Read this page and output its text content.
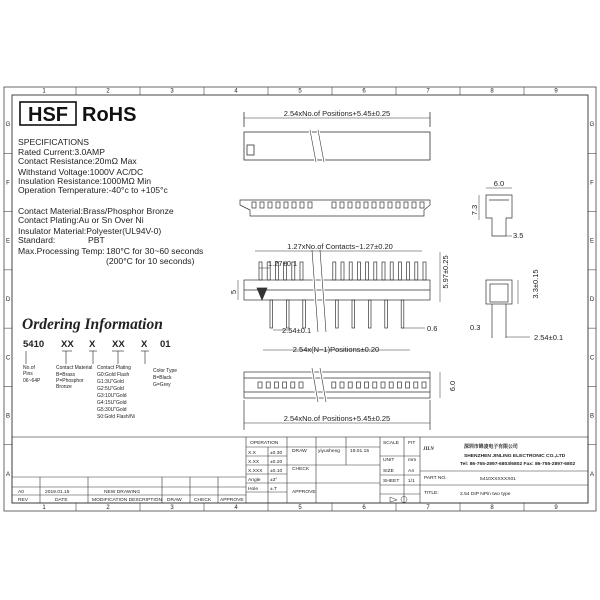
1
1
2
2
3
3
4
4
5
5
6
6
7
7
8
8
9
9
G	G
F	F
E	E
D	D
C	C
B	B
A	A
HSF RoHS
SPECIFICATIONS
Rated Current:3.0AMP
Contact Resistance:20mΩ Max
Withstand Voltage:1000V AC/DC
Insulation Resistance:1000MΩ Min
Operation Temperature:-40°c to +105°c
Contact Material:Brass/Phosphor Bronze
Contact Plating:Au or Sn Over Ni
Insulator Material:Polyester(UL94V-0)
Standard:	PBT
Max.Processing Temp: 180°C for 30~60 seconds
(200°C for 10 seconds)
Ordering Information
5410 XX X XX X 01
No.of
Pins
06~64P
Contact Material
B=Brass
P=Phosphor
Bronze
Contact Plating
G0:Gold Flash
G1:3U"Gold
G2:5U"Gold
G3:10U"Gold
G4:15U"Gold
G5:30U"Gold
S0:Gold Flash/Ni
Color Type
B=Black
G=Grey
2.54xNo.of Positions+5.45±0.25
1.27xNo.of Contacts−1.27±0.20
1.27±0.1
2.54±0.1	0.6
2.54x(N−1)Positions±0.20
5.97±0.25
5
2.54xNo.of Positions+5.45±0.25
6.0
6.0
7.3
3.5
3.3±0.15
0.3
2.54±0.1
OPERATION
X.X	±0.30
X.XX ±0.20
X.XXX ±0.10
Angle ±3°
Hole ±.T
DRAW yiyusheng 19.01.15
CHECK
APPROVE
SCALE FIT
UNIT	mm
SIZE	A4
SHEET 1/1
JILN	深圳市锦凌电子有限公司
SHENZHEN JINLING ELECTRONIC CO.,LTD
Tel: 86-755-2897-6803/6802 Fax: 86-755-2897-6802
PART NO.	5410XXXXXX01
TITLE:	2.54 DIP NPin two type
A0	2019.01.15	NEW DRAWING
REV	DATE	MODIFICATION DESCRIPTION DRAW CHECK APPROVE
